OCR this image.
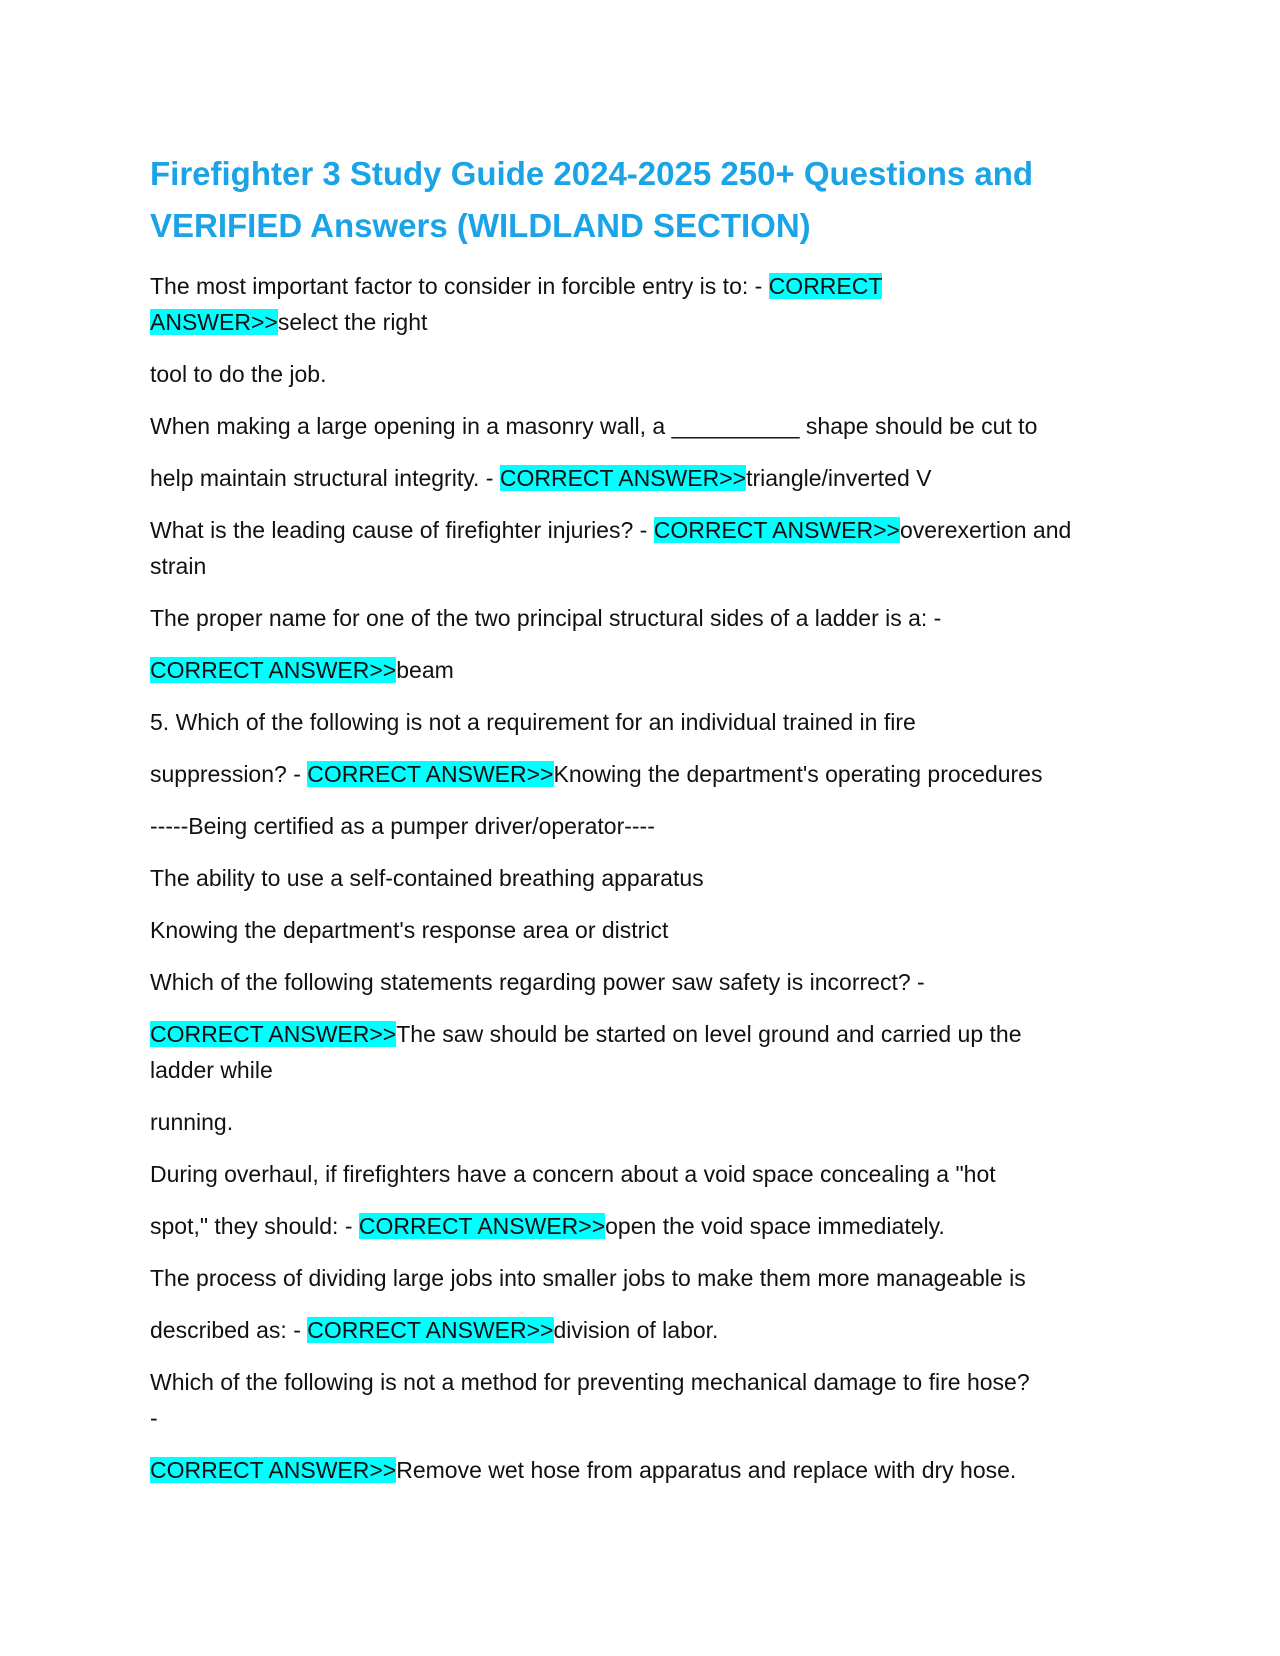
Firefighter 3 Study Guide 2024-2025 250+ Questions and
VERIFIED Answers (WILDLAND SECTION)
The most important factor to consider in forcible entry is to: - CORRECT
ANSWER>>select the right
tool to do the job.
When making a large opening in a masonry wall, a __________ shape should be cut to
help maintain structural integrity. - CORRECT ANSWER>>triangle/inverted V
What is the leading cause of firefighter injuries? - CORRECT ANSWER>>overexertion and
strain
The proper name for one of the two principal structural sides of a ladder is a: -
CORRECT ANSWER>>beam
5. Which of the following is not a requirement for an individual trained in fire
suppression? - CORRECT ANSWER>>Knowing the department's operating procedures
-----Being certified as a pumper driver/operator----
The ability to use a self-contained breathing apparatus
Knowing the department's response area or district
Which of the following statements regarding power saw safety is incorrect? -
CORRECT ANSWER>>The saw should be started on level ground and carried up the
ladder while
running.
During overhaul, if firefighters have a concern about a void space concealing a "hot
spot," they should: - CORRECT ANSWER>>open the void space immediately.
The process of dividing large jobs into smaller jobs to make them more manageable is
described as: - CORRECT ANSWER>>division of labor.
Which of the following is not a method for preventing mechanical damage to fire hose?
-
CORRECT ANSWER>>Remove wet hose from apparatus and replace with dry hose.
